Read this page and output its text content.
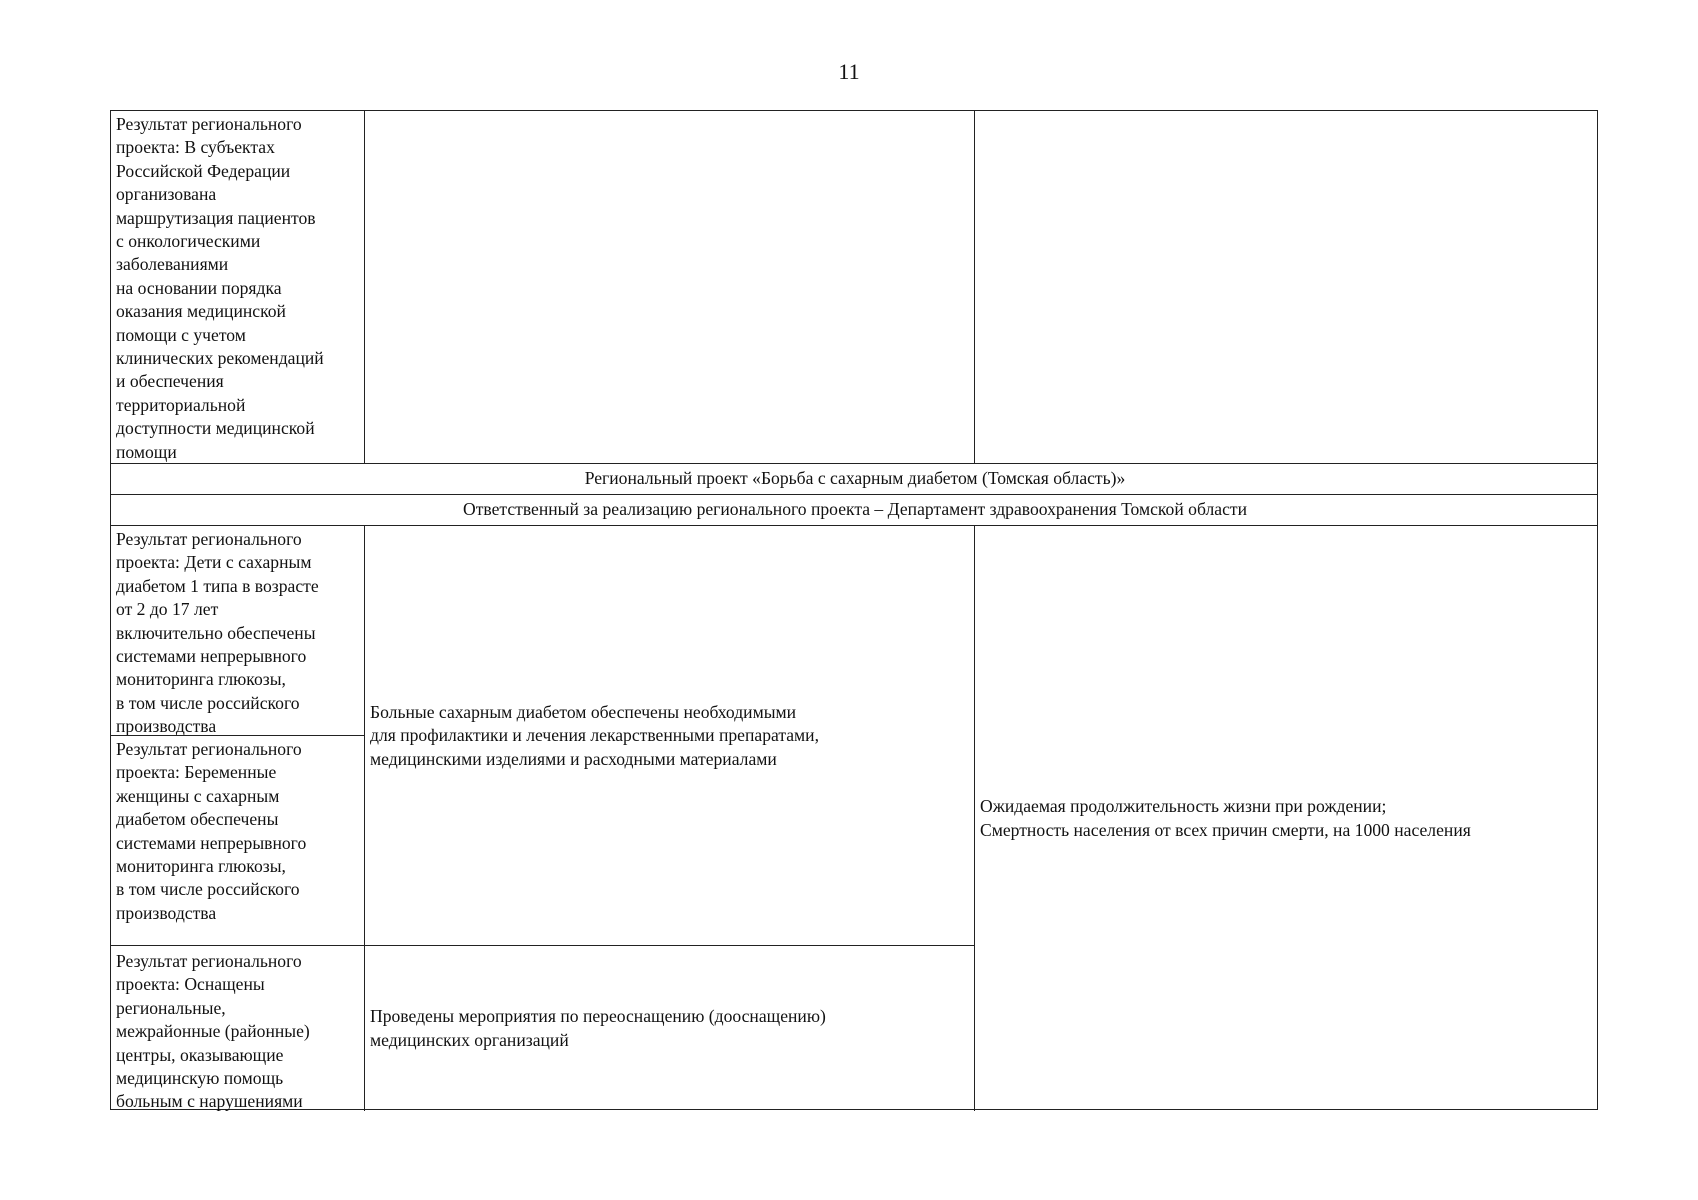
11
Результат регионального
проекта: В субъектах
Российской Федерации
организована
маршрутизация пациентов
с онкологическими
заболеваниями
на основании порядка
оказания медицинской
помощи с учетом
клинических рекомендаций
и обеспечения
территориальной
доступности медицинской
помощи
Региональный проект «Борьба с сахарным диабетом (Томская область)»
Ответственный за реализацию регионального проекта – Департамент здравоохранения Томской области
Результат регионального
проекта: Дети с сахарным
диабетом 1 типа в возрасте
от 2 до 17 лет
включительно обеспечены
системами непрерывного
мониторинга глюкозы,
в том числе российского
производства
Результат регионального
проекта: Беременные
женщины с сахарным
диабетом обеспечены
системами непрерывного
мониторинга глюкозы,
в том числе российского
производства
Результат регионального
проекта: Оснащены
региональные,
межрайонные (районные)
центры, оказывающие
медицинскую помощь
больным с нарушениями
Больные сахарным диабетом обеспечены необходимыми
для профилактики и лечения лекарственными препаратами,
медицинскими изделиями и расходными материалами
Проведены мероприятия по переоснащению (дооснащению)
медицинских организаций
Ожидаемая продолжительность жизни при рождении;
Смертность населения от всех причин смерти, на 1000 населения
